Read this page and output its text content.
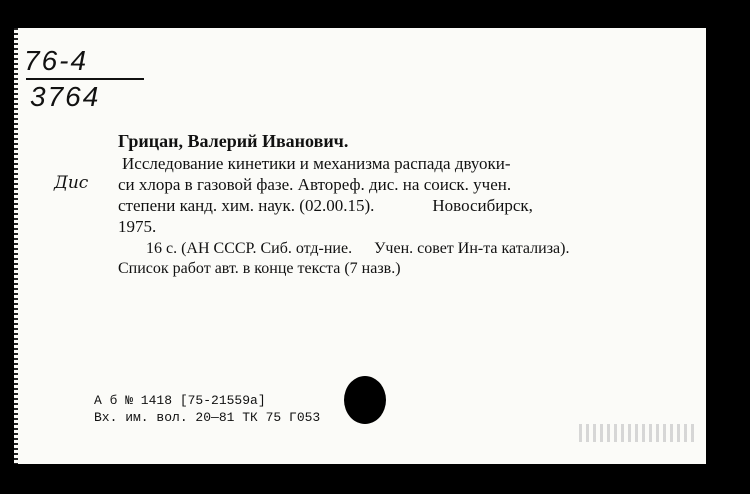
76-4
3764
Дис
Грицан, Валерий Иванович.
Исследование кинетики и механизма распада двуоки-
си хлора в газовой фазе. Автореф. дис. на соиск. учен.
степени канд. хим. наук. (02.00.15).	Новосибирск,
1975.
16 с. (АН СССР. Сиб. отд-ние. Учен. совет Ин-та катализа).
Список работ авт. в конце текста (7 назв.)
А б № 1418 [75-21559а]
Вх. им. вол. 20—81 ТК 75 Г053
